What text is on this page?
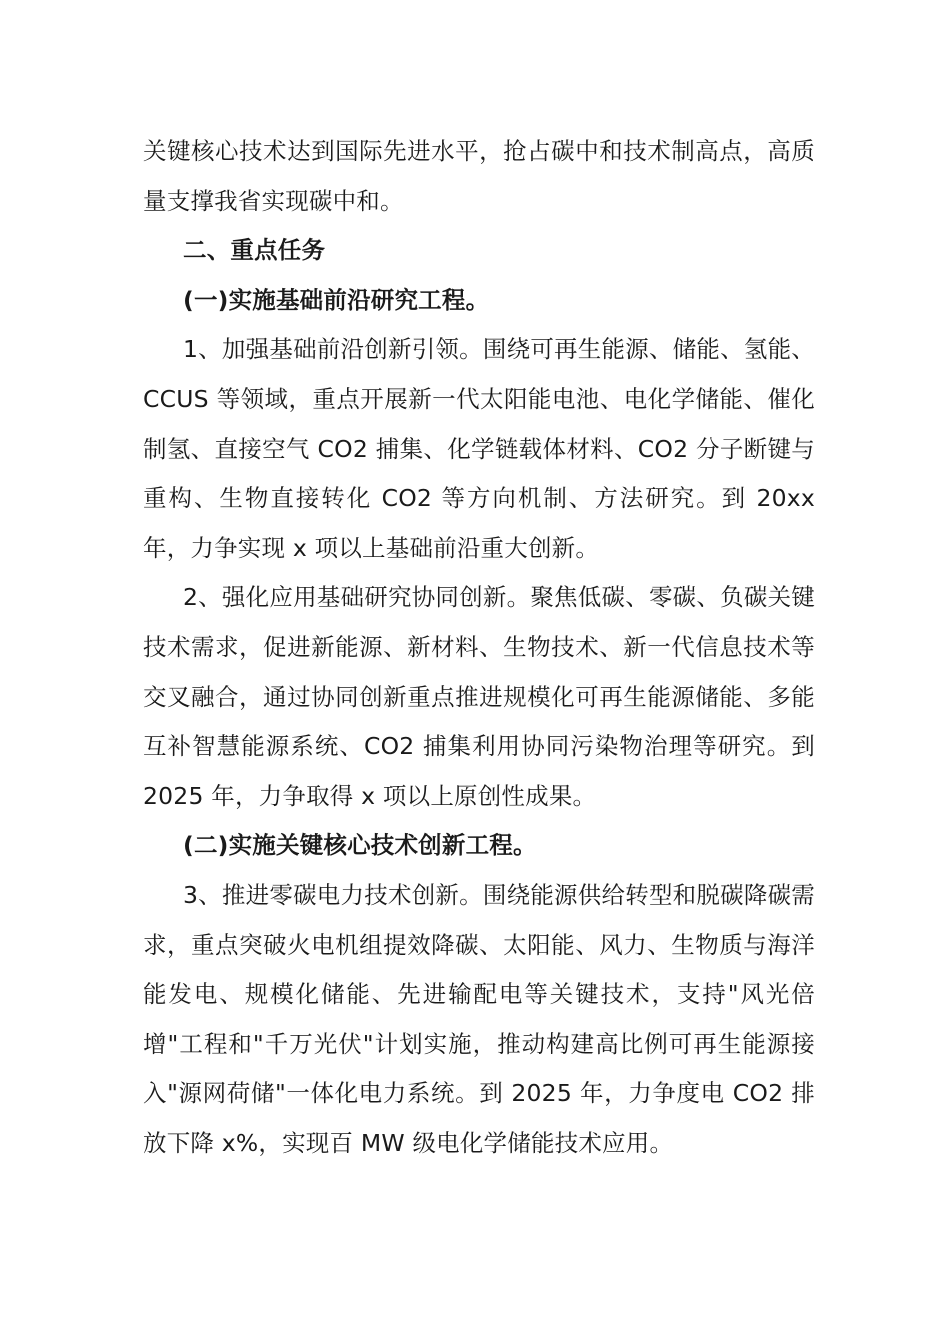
关键核心技术达到国际先进水平，抢占碳中和技术制高点，高质量支撑我省实现碳中和。

二、重点任务

(一)实施基础前沿研究工程。

1、加强基础前沿创新引领。围绕可再生能源、储能、氢能、CCUS 等领域，重点开展新一代太阳能电池、电化学储能、催化制氢、直接空气 CO2 捕集、化学链载体材料、CO2 分子断键与重构、生物直接转化 CO2 等方向机制、方法研究。到 20xx 年，力争实现 x 项以上基础前沿重大创新。

2、强化应用基础研究协同创新。聚焦低碳、零碳、负碳关键技术需求，促进新能源、新材料、生物技术、新一代信息技术等交叉融合，通过协同创新重点推进规模化可再生能源储能、多能互补智慧能源系统、CO2 捕集利用协同污染物治理等研究。到 2025 年，力争取得 x 项以上原创性成果。

(二)实施关键核心技术创新工程。

3、推进零碳电力技术创新。围绕能源供给转型和脱碳降碳需求，重点突破火电机组提效降碳、太阳能、风力、生物质与海洋能发电、规模化储能、先进输配电等关键技术，支持"风光倍增"工程和"千万光伏"计划实施，推动构建高比例可再生能源接入"源网荷储"一体化电力系统。到 2025 年，力争度电 CO2 排放下降 x%，实现百 MW 级电化学储能技术应用。
